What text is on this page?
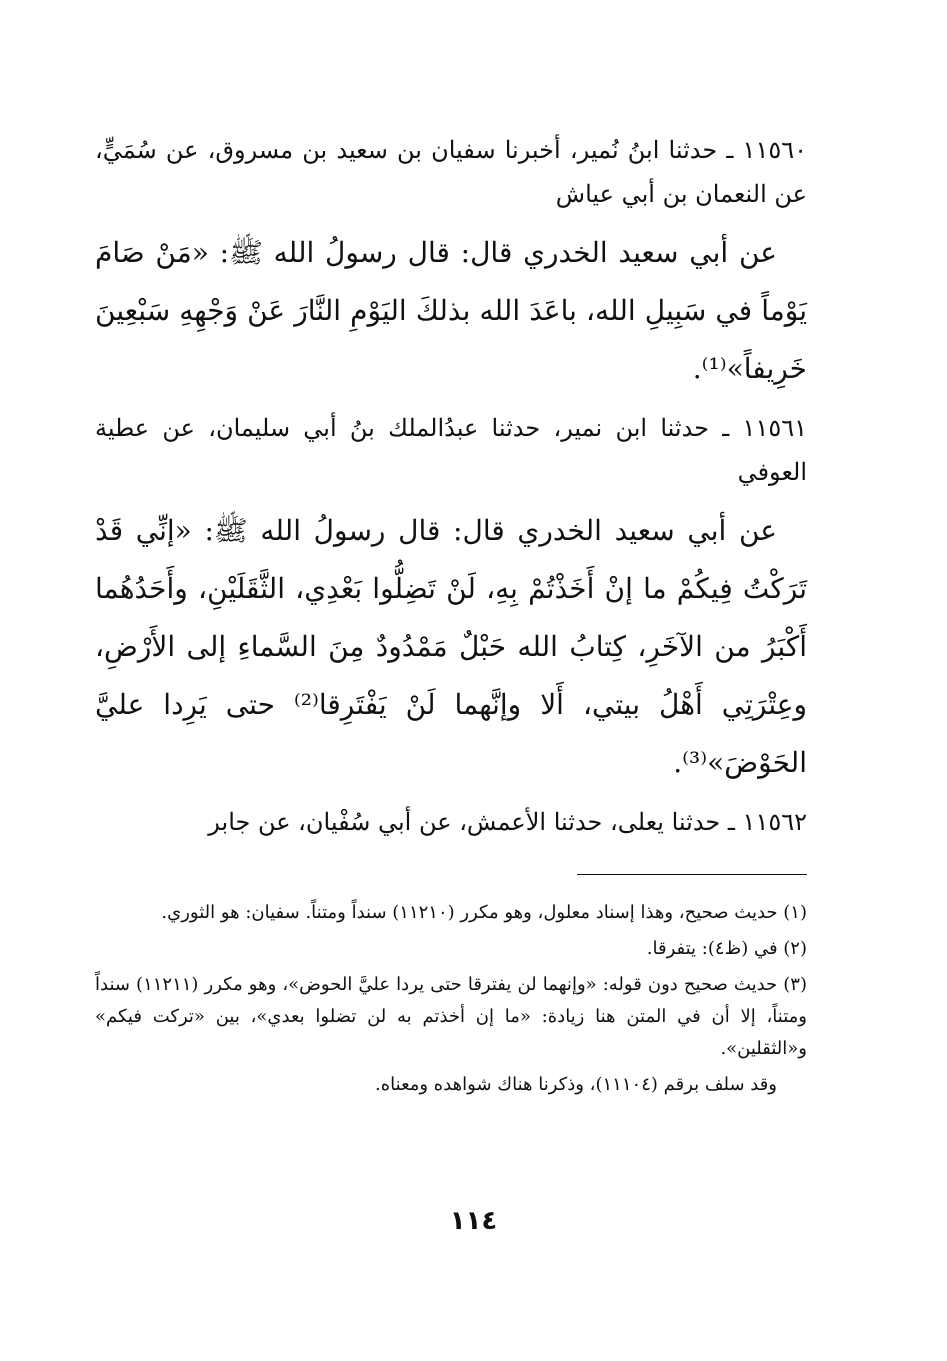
١١٥٦٠ ـ حدثنا ابنُ نُمير، أخبرنا سفيان بن سعيد بن مسروق، عن سُمَيٍّ، عن النعمان بن أبي عياش

عن أبي سعيد الخدري قال: قال رسولُ الله ﷺ: «مَنْ صَامَ يَوْماً في سَبِيلِ الله، باعَدَ الله بذلكَ اليَوْمِ النَّارَ عَنْ وَجْهِهِ سَبْعِينَ خَرِيفاً»⁽¹⁾.

١١٥٦١ ـ حدثنا ابن نمير، حدثنا عبدُالملك بنُ أبي سليمان، عن عطية العوفي

عن أبي سعيد الخدري قال: قال رسولُ الله ﷺ: «إنِّي قَدْ تَرَكْتُ فِيكُمْ ما إنْ أَخَذْتُمْ بِهِ، لَنْ تَضِلُّوا بَعْدِي، الثَّقَلَيْنِ، وأَحَدُهُما أَكْبَرُ من الآخَرِ، كِتابُ الله حَبْلٌ مَمْدُودٌ مِنَ السَّماءِ إلى الأَرْضِ، وعِتْرَتِي أَهْلُ بيتي، أَلا وإنَّهما لَنْ يَفْتَرِقا⁽²⁾ حتى يَرِدا عليَّ الحَوْضَ»⁽³⁾.

١١٥٦٢ ـ حدثنا يعلى، حدثنا الأعمش، عن أبي سُفْيان، عن جابر

(١) حديث صحيح، وهذا إسناد معلول، وهو مكرر (١١٢١٠) سنداً ومتناً. سفيان: هو الثوري.

(٢) في (ظ٤): يتفرقا.

(٣) حديث صحيح دون قوله: «وإنهما لن يفترقا حتى يردا عليَّ الحوض»، وهو مكرر (١١٢١١) سنداً ومتناً، إلا أن في المتن هنا زيادة: «ما إن أخذتم به لن تضلوا بعدي»، بين «تركت فيكم» و«الثقلين».

وقد سلف برقم (١١١٠٤)، وذكرنا هناك شواهده ومعناه.

١١٤
